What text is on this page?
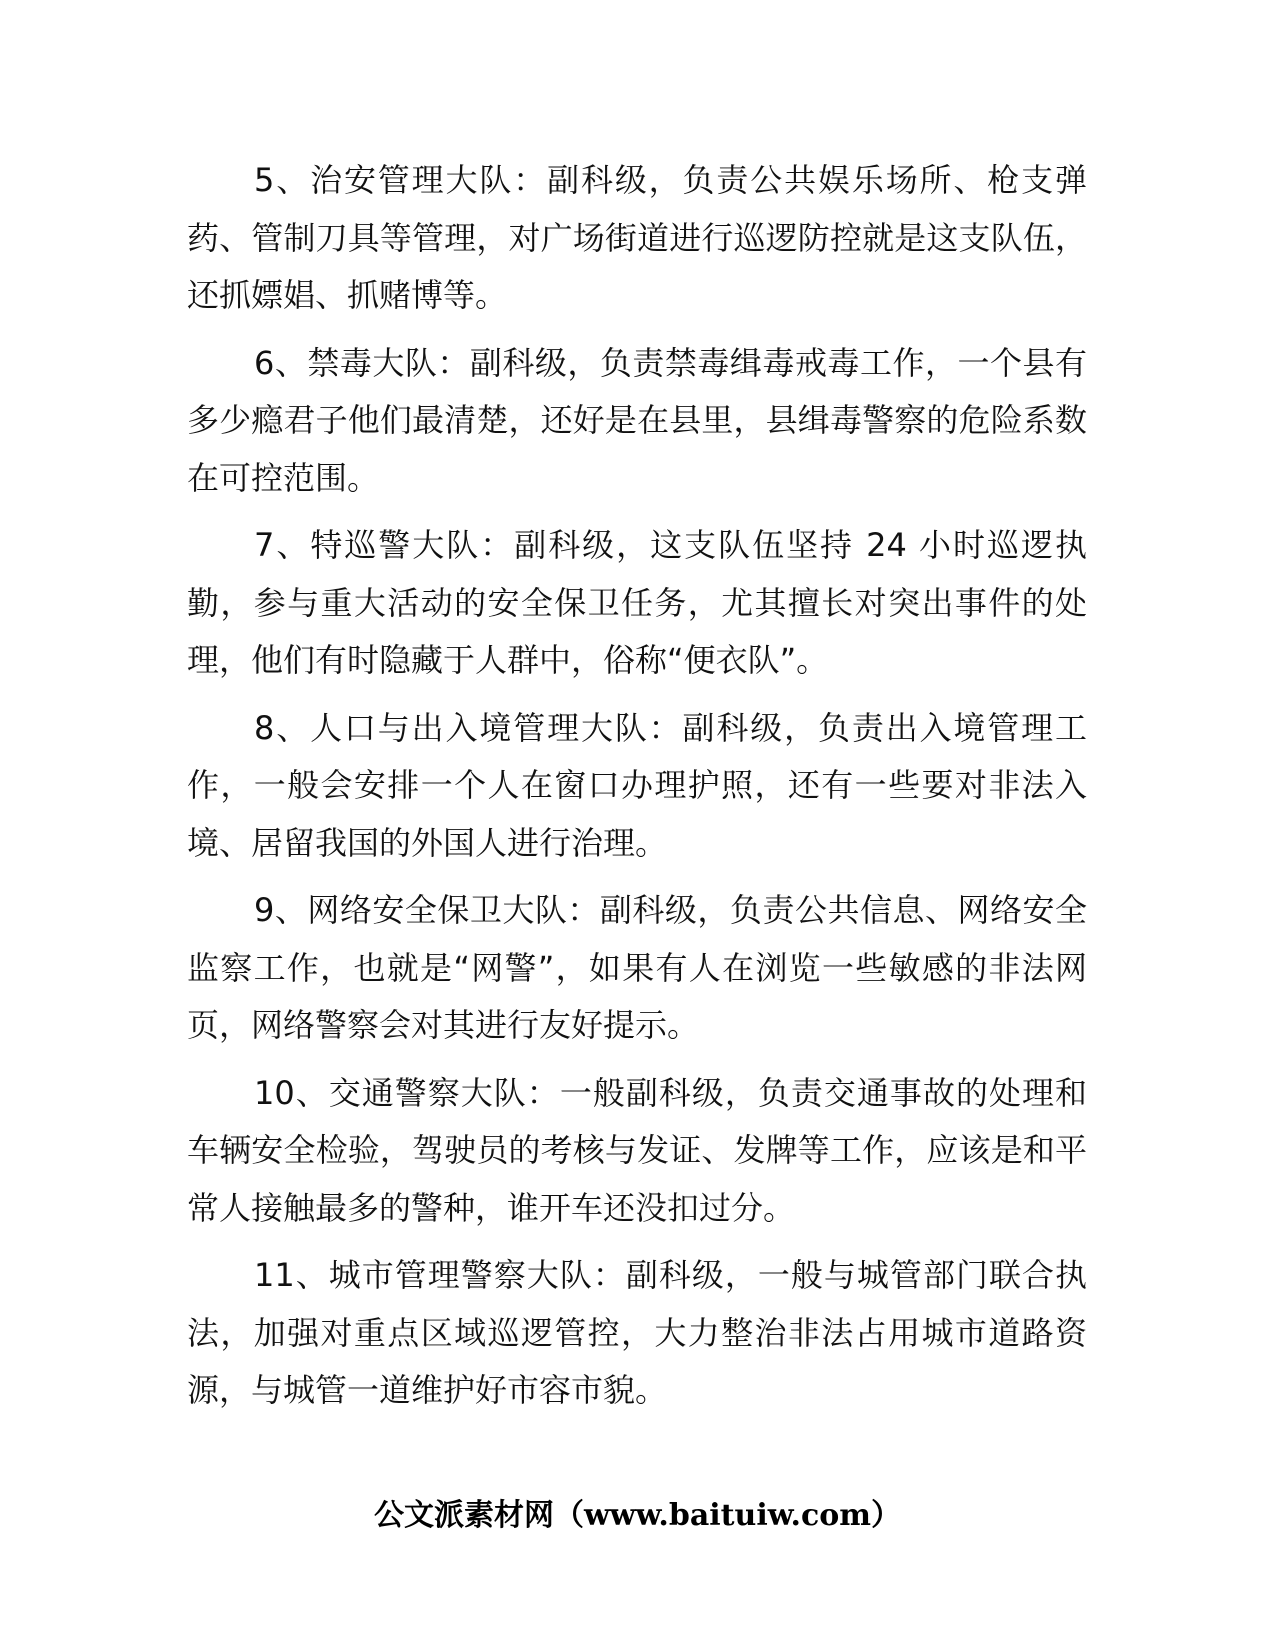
5、治安管理大队：副科级，负责公共娱乐场所、枪支弹药、管制刀具等管理，对广场街道进行巡逻防控就是这支队伍，还抓嫖娼、抓赌博等。

6、禁毒大队：副科级，负责禁毒缉毒戒毒工作，一个县有多少瘾君子他们最清楚，还好是在县里，县缉毒警察的危险系数在可控范围。

7、特巡警大队：副科级，这支队伍坚持 24 小时巡逻执勤，参与重大活动的安全保卫任务，尤其擅长对突出事件的处理，他们有时隐藏于人群中，俗称“便衣队”。

8、人口与出入境管理大队：副科级，负责出入境管理工作，一般会安排一个人在窗口办理护照，还有一些要对非法入境、居留我国的外国人进行治理。

9、网络安全保卫大队：副科级，负责公共信息、网络安全监察工作，也就是“网警”，如果有人在浏览一些敏感的非法网页，网络警察会对其进行友好提示。

10、交通警察大队：一般副科级，负责交通事故的处理和车辆安全检验，驾驶员的考核与发证、发牌等工作，应该是和平常人接触最多的警种，谁开车还没扣过分。

11、城市管理警察大队：副科级，一般与城管部门联合执法，加强对重点区域巡逻管控，大力整治非法占用城市道路资源，与城管一道维护好市容市貌。

公文派素材网（www.baituiw.com）
